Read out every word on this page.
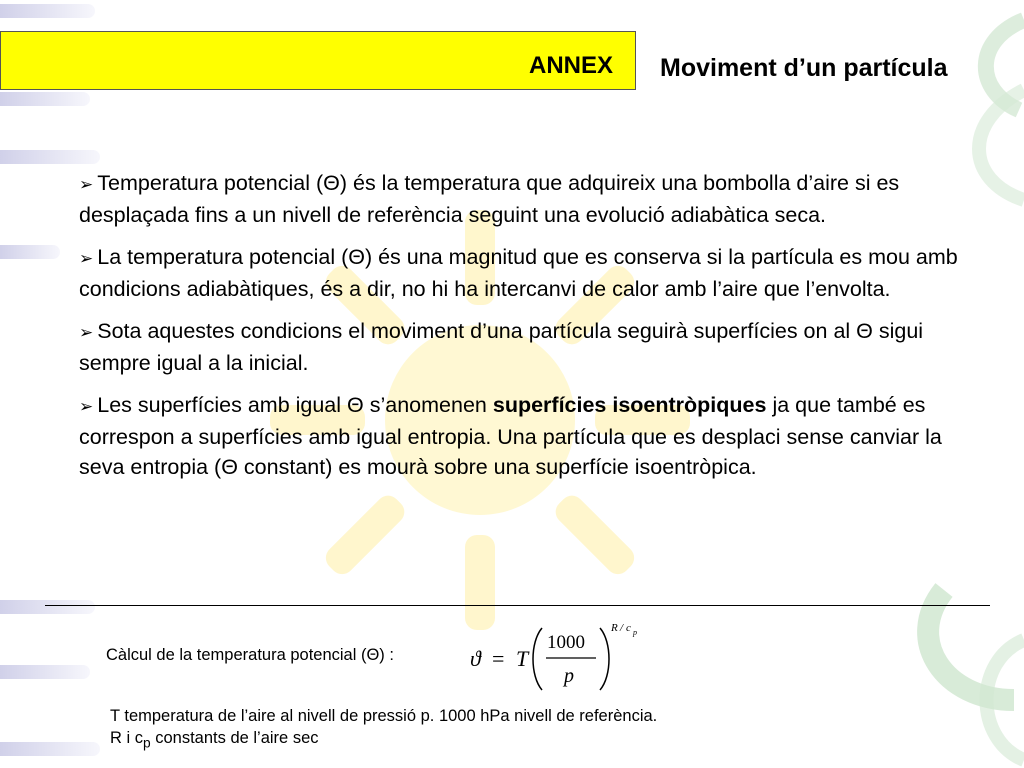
ANNEX Moviment d’un partícula

➢ Temperatura potencial (Θ) és la temperatura que adquireix una bombolla d’aire si es desplaçada fins a un nivell de referència seguint una evolució adiabàtica seca.

➢ La temperatura potencial (Θ) és una magnitud que es conserva si la partícula es mou amb condicions adiabàtiques, és a dir, no hi ha intercanvi de calor amb l’aire que l’envolta.

➢ Sota aquestes condicions el moviment d’una partícula seguirà superfícies on al Θ sigui sempre igual a la inicial.

➢ Les superfícies amb igual Θ s’anomenen superfícies isoentròpiques ja que també es correspon a superfícies amb igual entropia. Una partícula que es desplaci sense canviar la seva entropia (Θ constant) es mourà sobre una superfície isoentròpica.

Càlcul de la temperatura potencial (Θ) :	ϑ = T
1000
p
R / c p
T temperatura de l’aire al nivell de pressió p. 1000 hPa nivell de referència.
R i $c_p$ constants de l’aire sec
